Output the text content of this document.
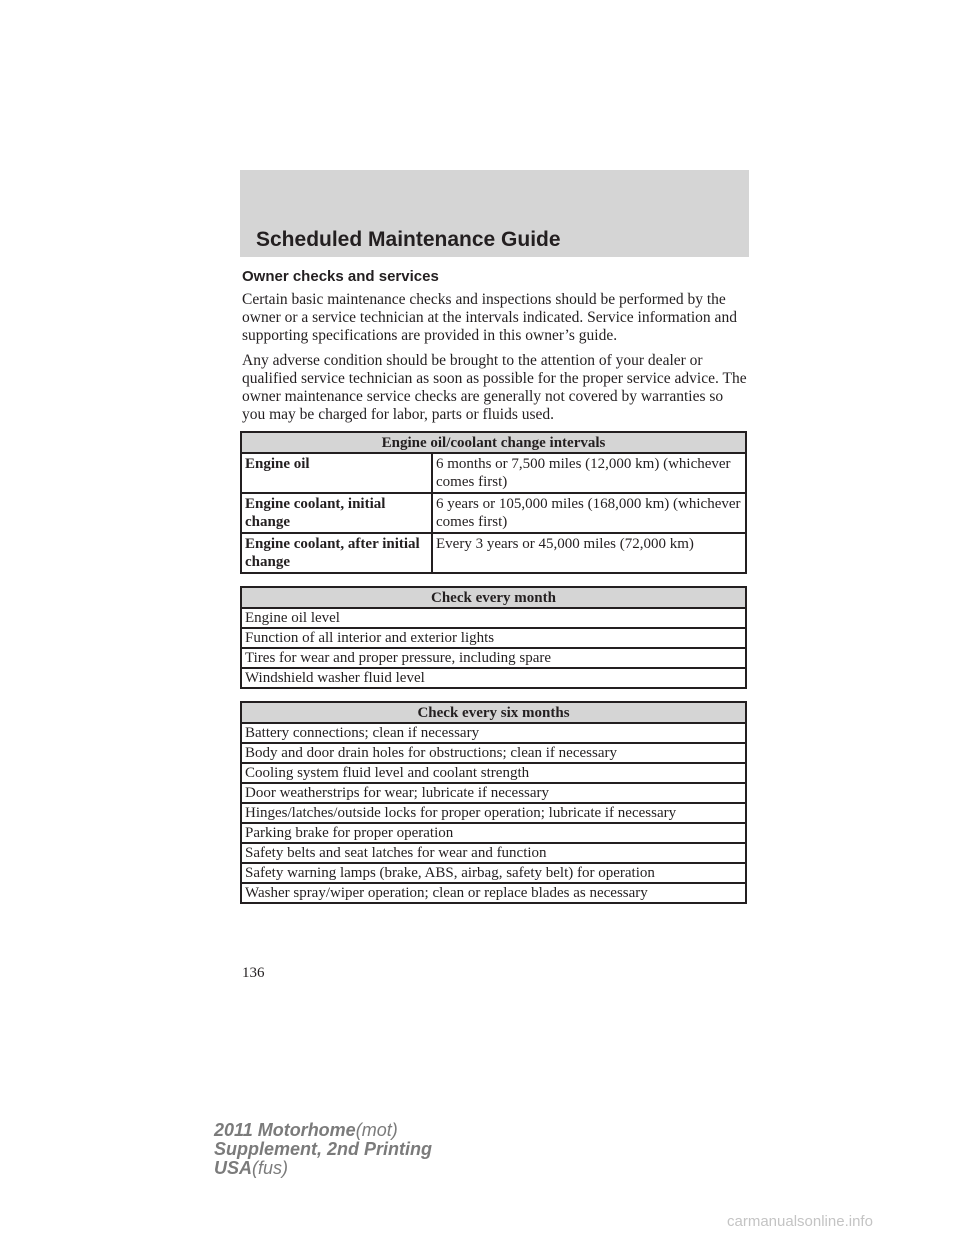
Scheduled Maintenance Guide
Owner checks and services

Certain basic maintenance checks and inspections should be performed by the owner or a service technician at the intervals indicated. Service information and supporting specifications are provided in this owner’s guide.

Any adverse condition should be brought to the attention of your dealer or qualified service technician as soon as possible for the proper service advice. The owner maintenance service checks are generally not covered by warranties so you may be charged for labor, parts or fluids used.

Engine oil/coolant change intervals	
Engine oil	6 months or 7,500 miles (12,000 km) (whichever comes first)
Engine coolant, initial change	6 years or 105,000 miles (168,000 km) (whichever comes first)
Engine coolant, after initial change	Every 3 years or 45,000 miles (72,000 km)
Check every month
Engine oil level
Function of all interior and exterior lights
Tires for wear and proper pressure, including spare
Windshield washer fluid level
Check every six months
Battery connections; clean if necessary
Body and door drain holes for obstructions; clean if necessary
Cooling system fluid level and coolant strength
Door weatherstrips for wear; lubricate if necessary
Hinges/latches/outside locks for proper operation; lubricate if necessary
Parking brake for proper operation
Safety belts and seat latches for wear and function
Safety warning lamps (brake, ABS, airbag, safety belt) for operation
Washer spray/wiper operation; clean or replace blades as necessary
136
2011 Motorhome(mot)
Supplement, 2nd Printing
USA(fus)
carmanualsonline.info
